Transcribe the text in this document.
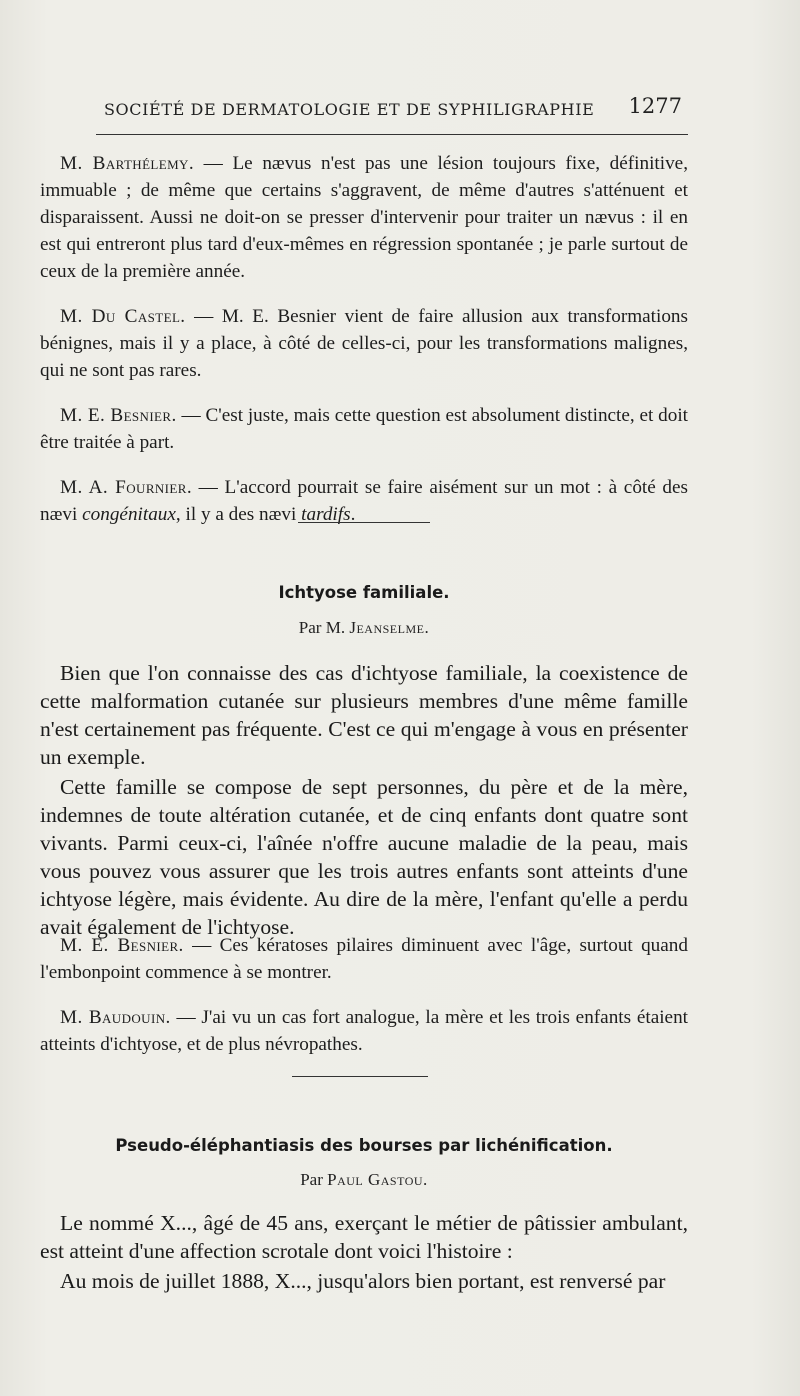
SOCIÉTÉ DE DERMATOLOGIE ET DE SYPHILIGRAPHIE 1277

M. Barthélemy. — Le nævus n'est pas une lésion toujours fixe, définitive, immuable ; de même que certains s'aggravent, de même d'autres s'atténuent et disparaissent. Aussi ne doit-on se presser d'intervenir pour traiter un nævus : il en est qui entreront plus tard d'eux-mêmes en régression spontanée ; je parle surtout de ceux de la première année.

M. Du Castel. — M. E. Besnier vient de faire allusion aux transformations bénignes, mais il y a place, à côté de celles-ci, pour les transformations malignes, qui ne sont pas rares.

M. E. Besnier. — C'est juste, mais cette question est absolument distincte, et doit être traitée à part.

M. A. Fournier. — L'accord pourrait se faire aisément sur un mot : à côté des nævi congénitaux, il y a des nævi tardifs.

Ichtyose familiale.
Par M. Jeanselme.

Bien que l'on connaisse des cas d'ichtyose familiale, la coexistence de cette malformation cutanée sur plusieurs membres d'une même famille n'est certainement pas fréquente. C'est ce qui m'engage à vous en présenter un exemple.

Cette famille se compose de sept personnes, du père et de la mère, indemnes de toute altération cutanée, et de cinq enfants dont quatre sont vivants. Parmi ceux-ci, l'aînée n'offre aucune maladie de la peau, mais vous pouvez vous assurer que les trois autres enfants sont atteints d'une ichtyose légère, mais évidente. Au dire de la mère, l'enfant qu'elle a perdu avait également de l'ichtyose.

M. E. Besnier. — Ces kératoses pilaires diminuent avec l'âge, surtout quand l'embonpoint commence à se montrer.

M. Baudouin. — J'ai vu un cas fort analogue, la mère et les trois enfants étaient atteints d'ichtyose, et de plus névropathes.

Pseudo-éléphantiasis des bourses par lichénification.
Par Paul Gastou.

Le nommé X..., âgé de 45 ans, exerçant le métier de pâtissier ambulant, est atteint d'une affection scrotale dont voici l'histoire :

Au mois de juillet 1888, X..., jusqu'alors bien portant, est renversé par
